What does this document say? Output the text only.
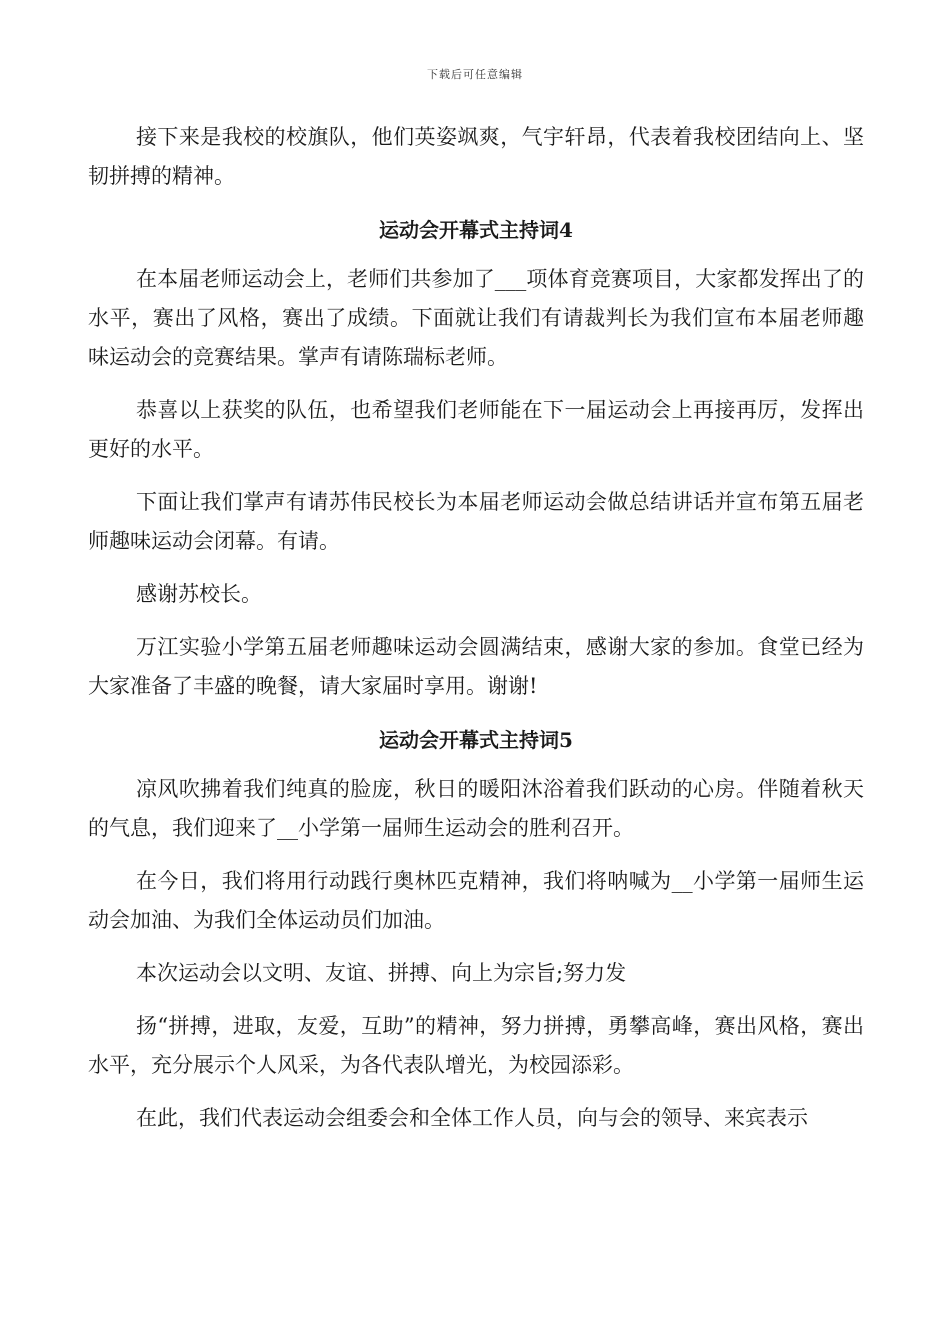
下载后可任意编辑

接下来是我校的校旗队，他们英姿飒爽，气宇轩昂，代表着我校团结向上、坚韧拼搏的精神。

运动会开幕式主持词4

在本届老师运动会上，老师们共参加了___项体育竞赛项目，大家都发挥出了的水平，赛出了风格，赛出了成绩。下面就让我们有请裁判长为我们宣布本届老师趣味运动会的竞赛结果。掌声有请陈瑞标老师。

恭喜以上获奖的队伍，也希望我们老师能在下一届运动会上再接再厉，发挥出更好的水平。

下面让我们掌声有请苏伟民校长为本届老师运动会做总结讲话并宣布第五届老师趣味运动会闭幕。有请。

感谢苏校长。

万江实验小学第五届老师趣味运动会圆满结束，感谢大家的参加。食堂已经为大家准备了丰盛的晚餐，请大家届时享用。谢谢!

运动会开幕式主持词5

凉风吹拂着我们纯真的脸庞，秋日的暖阳沐浴着我们跃动的心房。伴随着秋天的气息，我们迎来了__小学第一届师生运动会的胜利召开。

在今日，我们将用行动践行奥林匹克精神，我们将呐喊为__小学第一届师生运动会加油、为我们全体运动员们加油。

本次运动会以文明、友谊、拼搏、向上为宗旨;努力发

扬“拼搏，进取，友爱，互助”的精神，努力拼搏，勇攀高峰，赛出风格，赛出水平，充分展示个人风采，为各代表队增光，为校园添彩。

在此，我们代表运动会组委会和全体工作人员，向与会的领导、来宾表示
